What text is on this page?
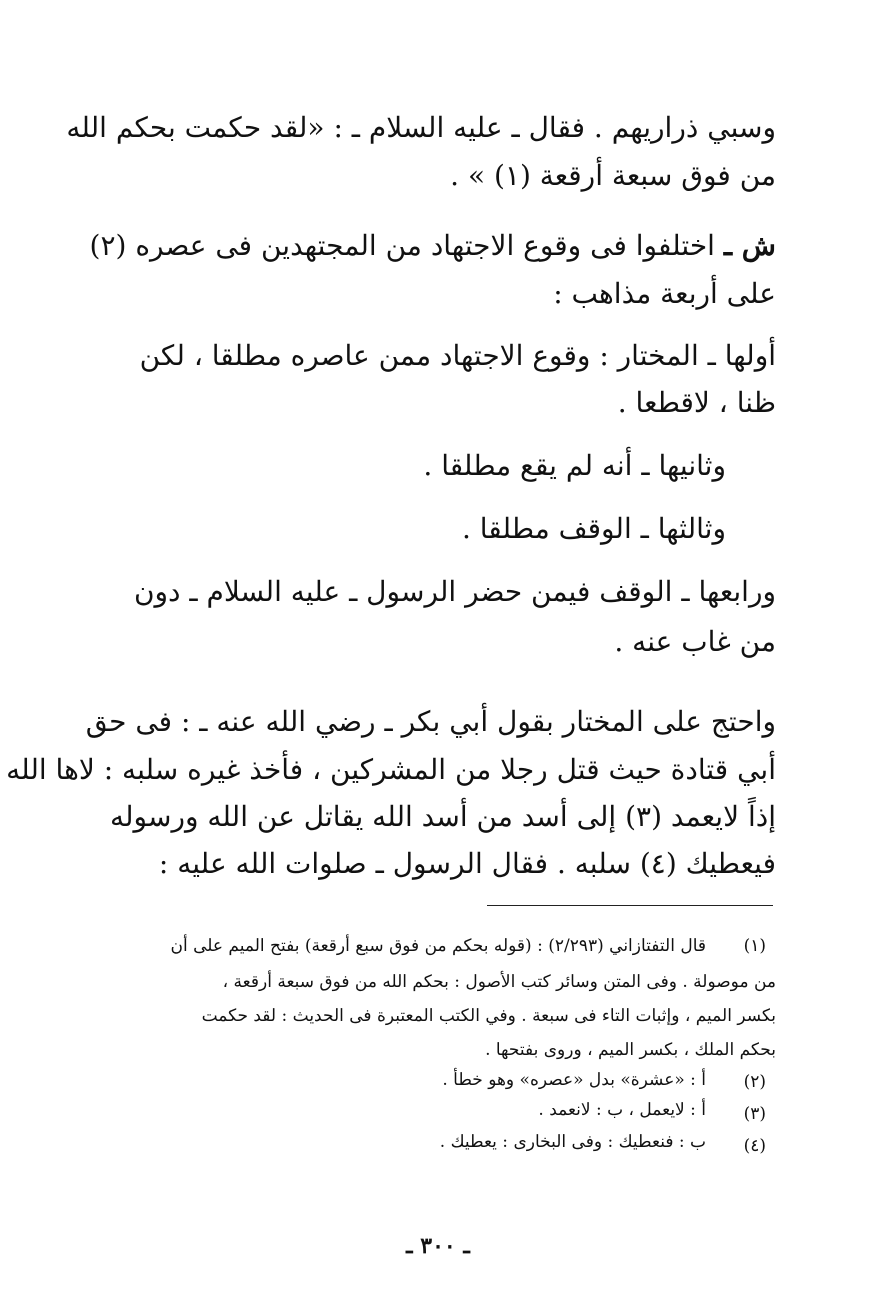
وسبي ذراريهم . فقال ـ عليه السلام ـ : «لقد حكمت بحكم الله
من فوق سبعة أرقعة (١) » .
ش ـ اختلفوا فى وقوع الاجتهاد من المجتهدين فى عصره (٢)
على أربعة مذاهب :
أولها ـ المختار : وقوع الاجتهاد ممن عاصره مطلقا ، لكن
ظنا ، لاقطعا .
وثانيها ـ أنه لم يقع مطلقا .
وثالثها ـ الوقف مطلقا .
ورابعها ـ الوقف فيمن حضر الرسول ـ عليه السلام ـ دون
من غاب عنه .
واحتج على المختار بقول أبي بكر ـ رضي الله عنه ـ : فى حق
أبي قتادة حيث قتل رجلا من المشركين ، فأخذ غيره سلبه : لاها الله
إذاً لايعمد (٣) إلى أسد من أسد الله يقاتل عن الله ورسوله
فيعطيك (٤) سلبه . فقال الرسول ـ صلوات الله عليه :
(١)
قال التفتازاني (٢/٢٩٣) : (قوله بحكم من فوق سبع أرقعة) بفتح الميم على أن
من موصولة . وفى المتن وسائر كتب الأصول : بحكم الله من فوق سبعة أرقعة ،
بكسر الميم ، وإثبات التاء فى سبعة . وفي الكتب المعتبرة فى الحديث : لقد حكمت
بحكم الملك ، بكسر الميم ، وروى بفتحها .
(٢)
أ : «عشرة» بدل «عصره» وهو خطأ .
(٣)
أ : لايعمل ، ب : لانعمد .
(٤)
ب : فنعطيك : وفى البخارى : يعطيك .
ـ ٣٠٠ ـ
